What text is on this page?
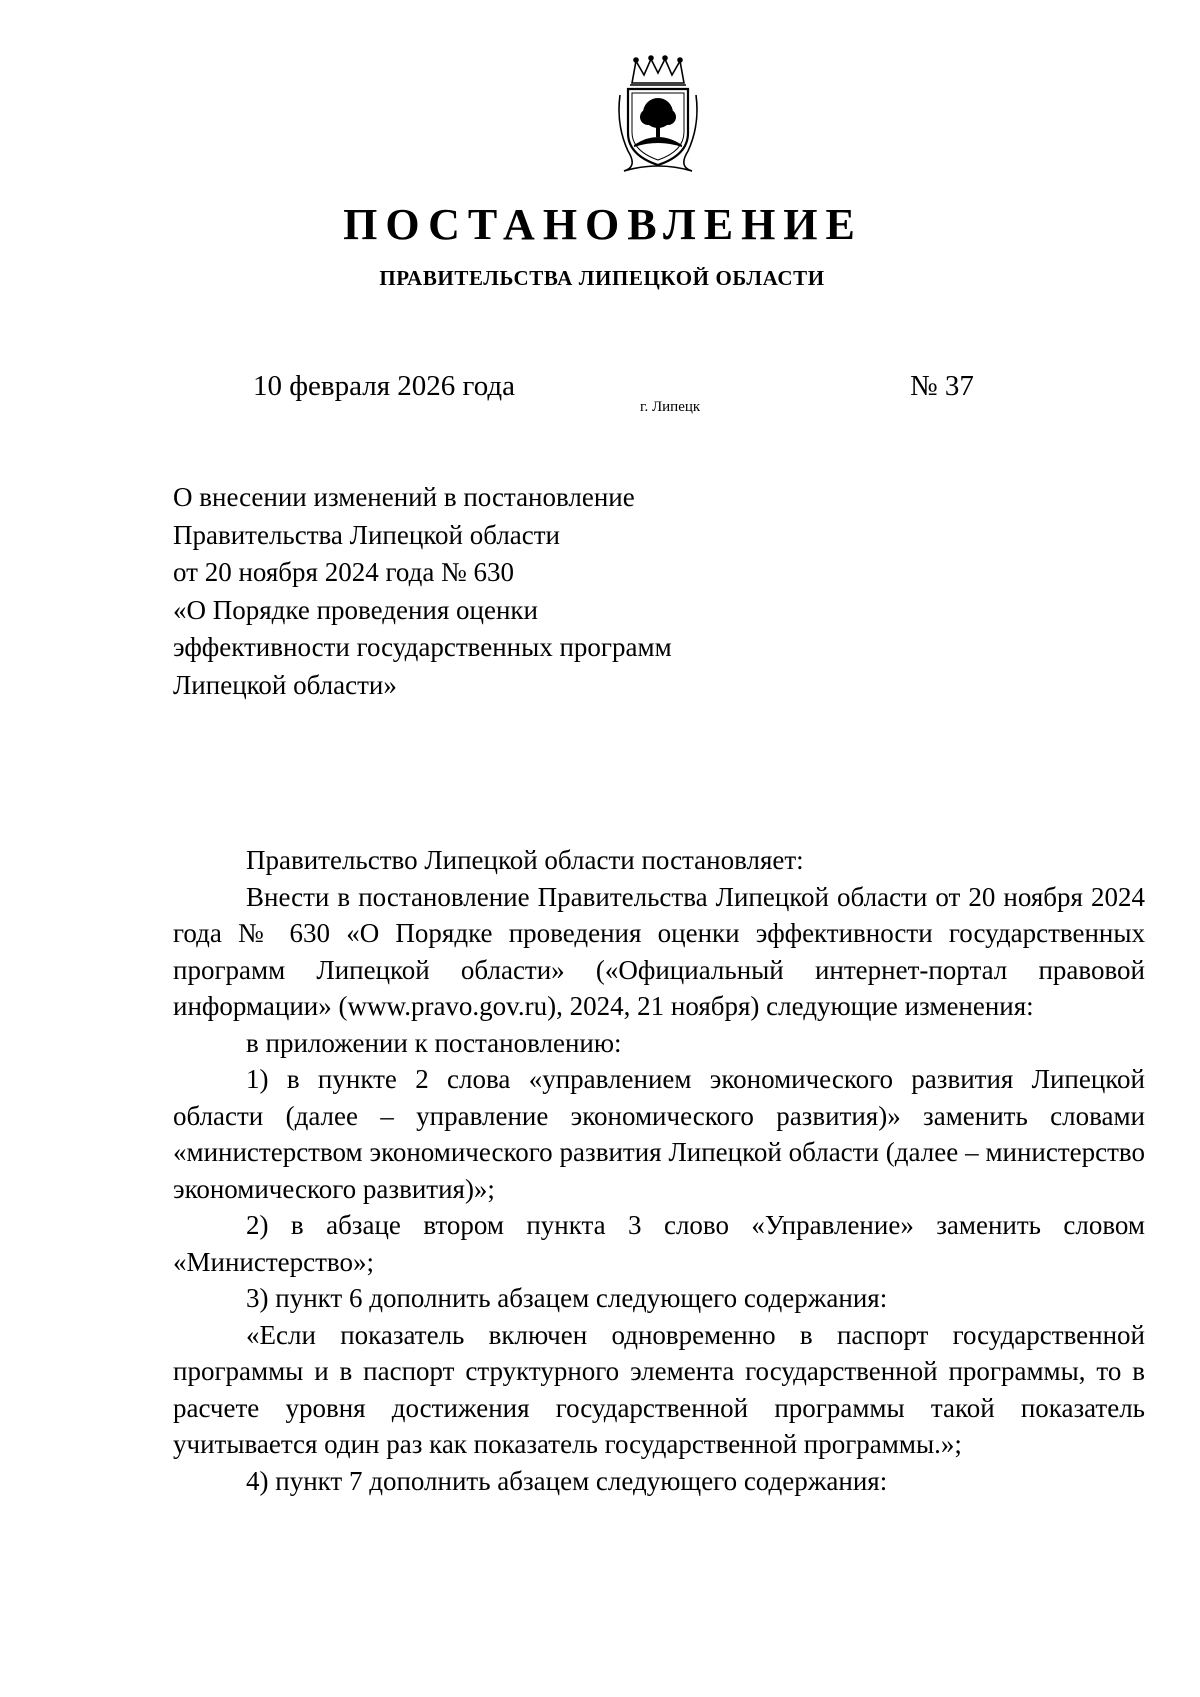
ПОСТАНОВЛЕНИЕ
ПРАВИТЕЛЬСТВА ЛИПЕЦКОЙ ОБЛАСТИ
10 февраля 2026 года
г. Липецк
№ 37
О внесении изменений в постановление
Правительства Липецкой области
от 20 ноября 2024 года № 630
«О Порядке проведения оценки
эффективности государственных программ
Липецкой области»

Правительство Липецкой области постановляет:

Внести в постановление Правительства Липецкой области от 20 ноября 2024 года № 630 «О Порядке проведения оценки эффективности государственных программ Липецкой области» («Официальный интернет-портал правовой информации» (www.pravo.gov.ru), 2024, 21 ноября) следующие изменения:

в приложении к постановлению:

1) в пункте 2 слова «управлением экономического развития Липецкой области (далее – управление экономического развития)» заменить словами «министерством экономического развития Липецкой области (далее – министерство экономического развития)»;

2) в абзаце втором пункта 3 слово «Управление» заменить словом «Министерство»;

3) пункт 6 дополнить абзацем следующего содержания:

«Если показатель включен одновременно в паспорт государственной программы и в паспорт структурного элемента государственной программы, то в расчете уровня достижения государственной программы такой показатель учитывается один раз как показатель государственной программы.»;

4) пункт 7 дополнить абзацем следующего содержания:
